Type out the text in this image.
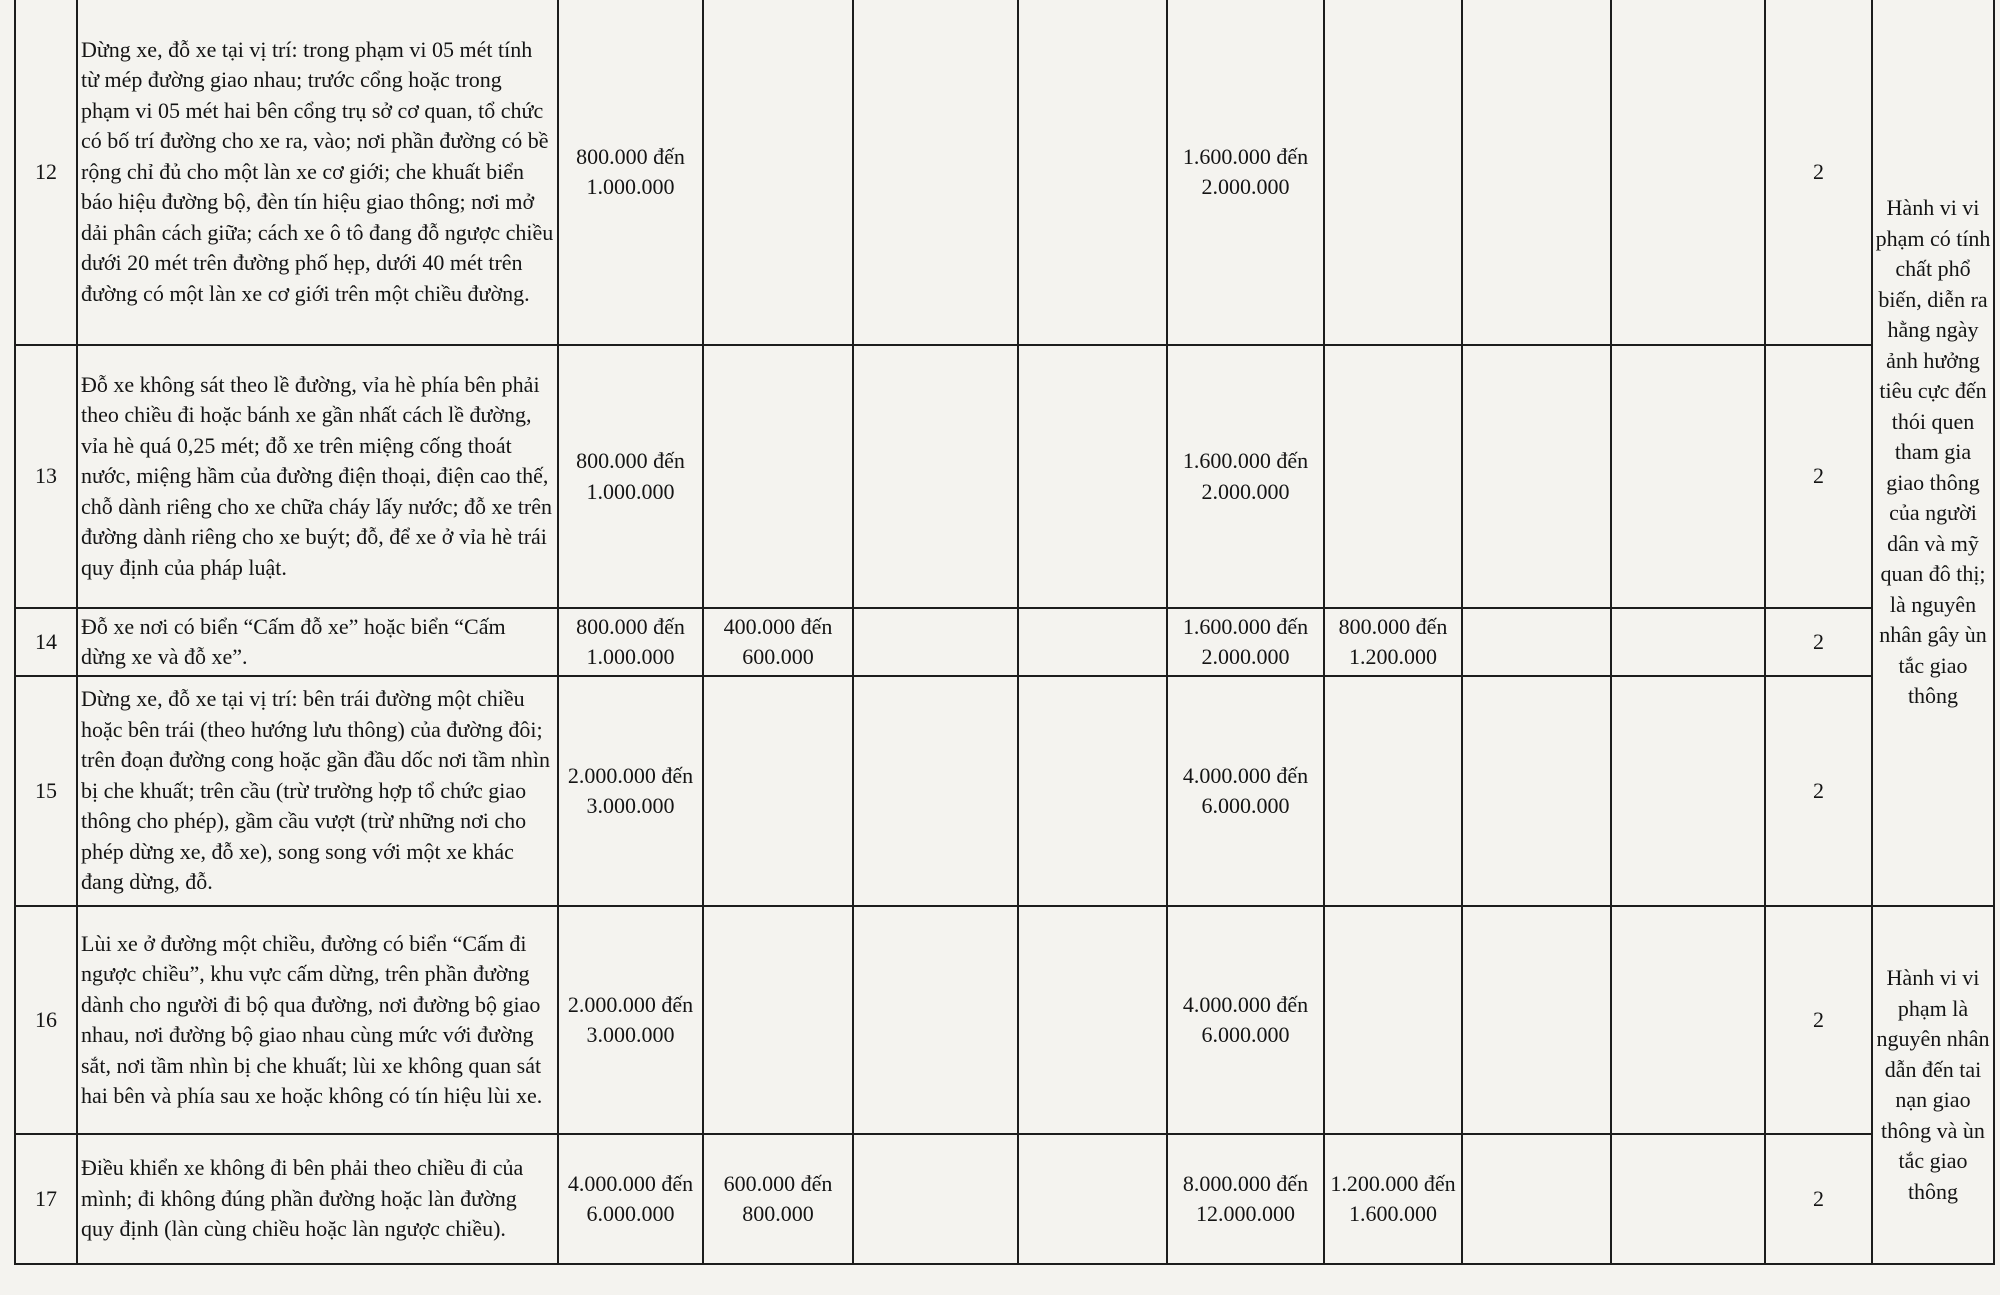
12	Dừng xe, đỗ xe tại vị trí: trong phạm vi 05 mét tính từ mép đường giao nhau; trước cổng hoặc trong phạm vi 05 mét hai bên cổng trụ sở cơ quan, tổ chức có bố trí đường cho xe ra, vào; nơi phần đường có bề rộng chỉ đủ cho một làn xe cơ giới; che khuất biển báo hiệu đường bộ, đèn tín hiệu giao thông; nơi mở dải phân cách giữa; cách xe ô tô đang đỗ ngược chiều dưới 20 mét trên đường phố hẹp, dưới 40 mét trên đường có một làn xe cơ giới trên một chiều đường.	800.000 đến 1.000.000				1.600.000 đến 2.000.000				2	Hành vi vi phạm có tính chất phổ biến, diễn ra hằng ngày ảnh hưởng tiêu cực đến thói quen tham gia giao thông của người dân và mỹ quan đô thị; là nguyên nhân gây ùn tắc giao thông
13	Đỗ xe không sát theo lề đường, vỉa hè phía bên phải theo chiều đi hoặc bánh xe gần nhất cách lề đường, vỉa hè quá 0,25 mét; đỗ xe trên miệng cống thoát nước, miệng hầm của đường điện thoại, điện cao thế, chỗ dành riêng cho xe chữa cháy lấy nước; đỗ xe trên đường dành riêng cho xe buýt; đỗ, để xe ở vỉa hè trái quy định của pháp luật.	800.000 đến 1.000.000				1.600.000 đến 2.000.000				2	
14	Đỗ xe nơi có biển “Cấm đỗ xe” hoặc biển “Cấm dừng xe và đỗ xe”.	800.000 đến 1.000.000	400.000 đến 600.000			1.600.000 đến 2.000.000	800.000 đến 1.200.000			2	
15	Dừng xe, đỗ xe tại vị trí: bên trái đường một chiều hoặc bên trái (theo hướng lưu thông) của đường đôi; trên đoạn đường cong hoặc gần đầu dốc nơi tầm nhìn bị che khuất; trên cầu (trừ trường hợp tổ chức giao thông cho phép), gầm cầu vượt (trừ những nơi cho phép dừng xe, đỗ xe), song song với một xe khác đang dừng, đỗ.	2.000.000 đến 3.000.000				4.000.000 đến 6.000.000				2	
16	Lùi xe ở đường một chiều, đường có biển “Cấm đi ngược chiều”, khu vực cấm dừng, trên phần đường dành cho người đi bộ qua đường, nơi đường bộ giao nhau, nơi đường bộ giao nhau cùng mức với đường sắt, nơi tầm nhìn bị che khuất; lùi xe không quan sát hai bên và phía sau xe hoặc không có tín hiệu lùi xe.	2.000.000 đến 3.000.000				4.000.000 đến 6.000.000				2	Hành vi vi phạm là nguyên nhân dẫn đến tai nạn giao thông và ùn tắc giao thông
17	Điều khiển xe không đi bên phải theo chiều đi của mình; đi không đúng phần đường hoặc làn đường quy định (làn cùng chiều hoặc làn ngược chiều).	4.000.000 đến 6.000.000	600.000 đến 800.000			8.000.000 đến 12.000.000	1.200.000 đến 1.600.000			2	
